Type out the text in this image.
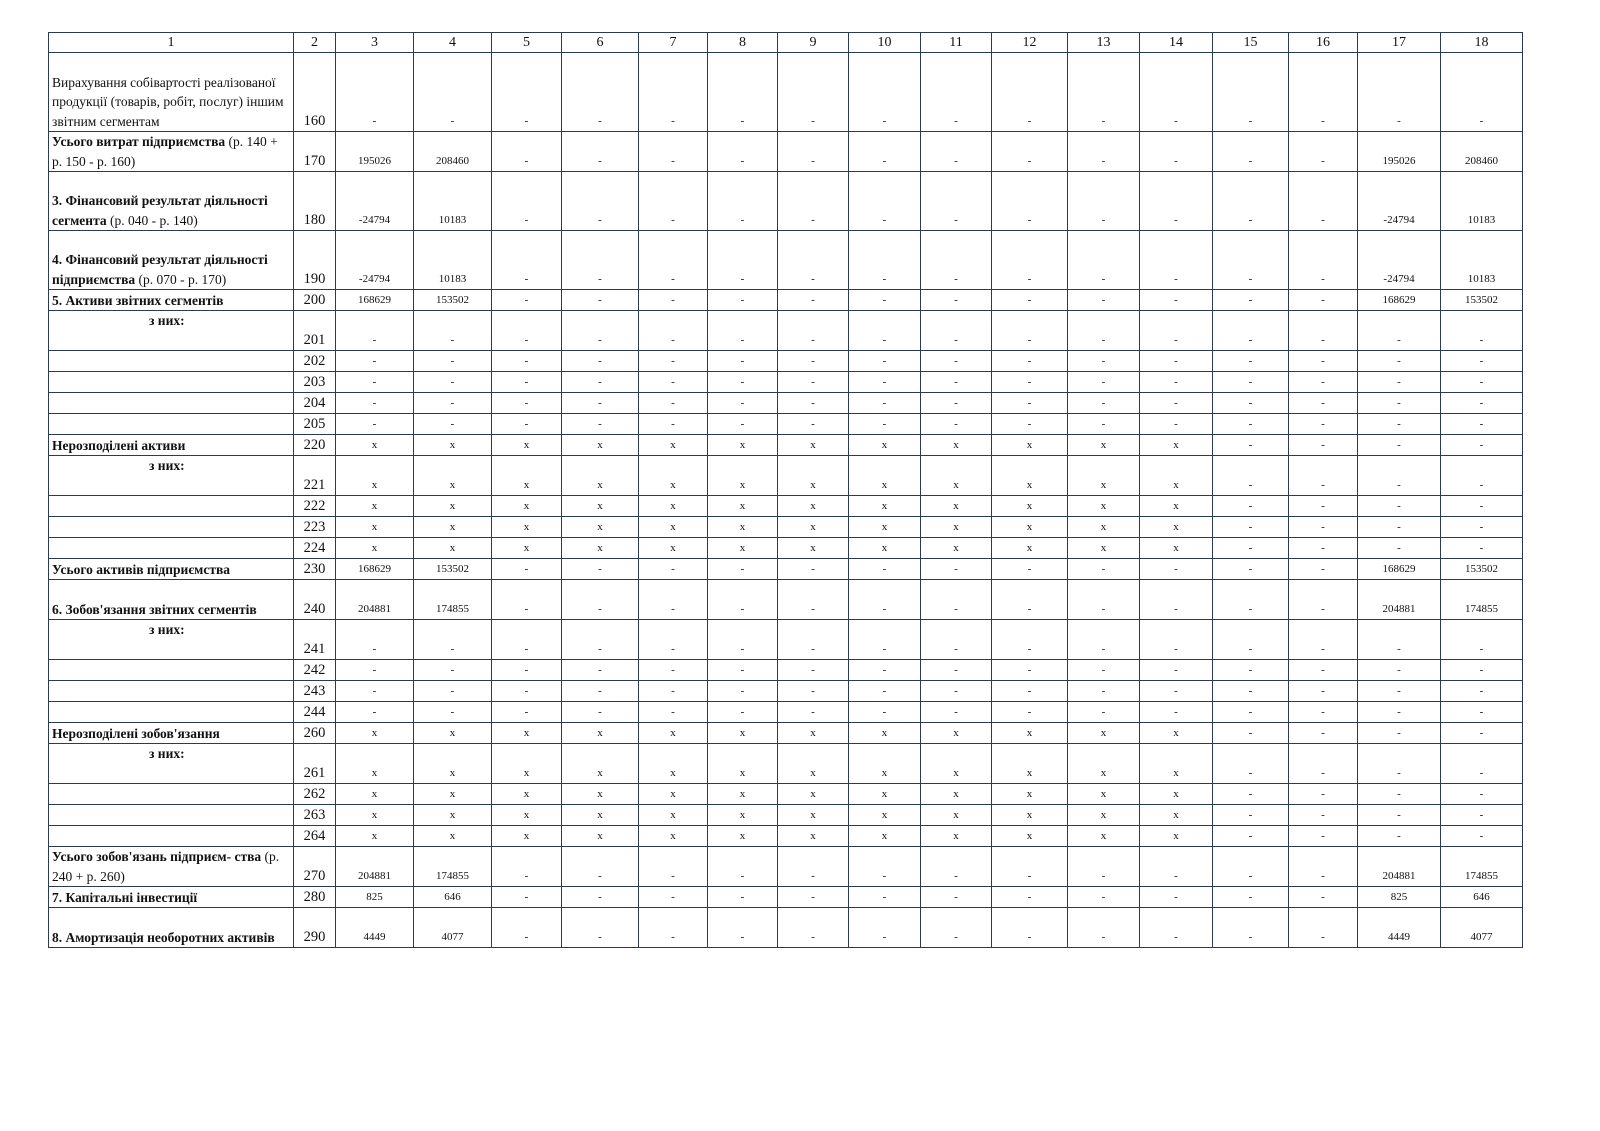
1	2	3	4	5	6	7	8	9	10	11	12	13	14	15	16	17	18
Вирахування собівартості реалізованої продукції (товарів, робіт, послуг) іншим звітним сегментам	160	-	-	-	-	-	-	-	-	-	-	-	-	-	-	-	-
Усього витрат підприємства (р. 140 + р. 150 - р. 160)	170	195026	208460	-	-	-	-	-	-	-	-	-	-	-	-	195026	208460
3. Фінансовий результат діяльності сегмента (р. 040 - р. 140)	180	-24794	10183	-	-	-	-	-	-	-	-	-	-	-	-	-24794	10183
4. Фінансовий результат діяльності підприємства (р. 070 - р. 170)	190	-24794	10183	-	-	-	-	-	-	-	-	-	-	-	-	-24794	10183
5. Активи звітних сегментів	200	168629	153502	-	-	-	-	-	-	-	-	-	-	-	-	168629	153502
з них:	201	-	-	-	-	-	-	-	-	-	-	-	-	-	-	-	-
	202	-	-	-	-	-	-	-	-	-	-	-	-	-	-	-	-
	203	-	-	-	-	-	-	-	-	-	-	-	-	-	-	-	-
	204	-	-	-	-	-	-	-	-	-	-	-	-	-	-	-	-
	205	-	-	-	-	-	-	-	-	-	-	-	-	-	-	-	-
Нерозподілені активи	220	x	x	x	x	x	x	x	x	x	x	x	x	-	-	-	-
з них:	221	x	x	x	x	x	x	x	x	x	x	x	x	-	-	-	-
	222	x	x	x	x	x	x	x	x	x	x	x	x	-	-	-	-
	223	x	x	x	x	x	x	x	x	x	x	x	x	-	-	-	-
	224	x	x	x	x	x	x	x	x	x	x	x	x	-	-	-	-
Усього активів підприємства	230	168629	153502	-	-	-	-	-	-	-	-	-	-	-	-	168629	153502
6. Зобов'язання звітних сегментів	240	204881	174855	-	-	-	-	-	-	-	-	-	-	-	-	204881	174855
з них:	241	-	-	-	-	-	-	-	-	-	-	-	-	-	-	-	-
	242	-	-	-	-	-	-	-	-	-	-	-	-	-	-	-	-
	243	-	-	-	-	-	-	-	-	-	-	-	-	-	-	-	-
	244	-	-	-	-	-	-	-	-	-	-	-	-	-	-	-	-
Нерозподілені зобов'язання	260	x	x	x	x	x	x	x	x	x	x	x	x	-	-	-	-
з них:	261	x	x	x	x	x	x	x	x	x	x	x	x	-	-	-	-
	262	x	x	x	x	x	x	x	x	x	x	x	x	-	-	-	-
	263	x	x	x	x	x	x	x	x	x	x	x	x	-	-	-	-
	264	x	x	x	x	x	x	x	x	x	x	x	x	-	-	-	-
Усього зобов'язань підприєм- ства (р. 240 + р. 260)	270	204881	174855	-	-	-	-	-	-	-	-	-	-	-	-	204881	174855
7. Капітальні інвестиції	280	825	646	-	-	-	-	-	-	-	-	-	-	-	-	825	646
8. Амортизація необоротних активів	290	4449	4077	-	-	-	-	-	-	-	-	-	-	-	-	4449	4077
